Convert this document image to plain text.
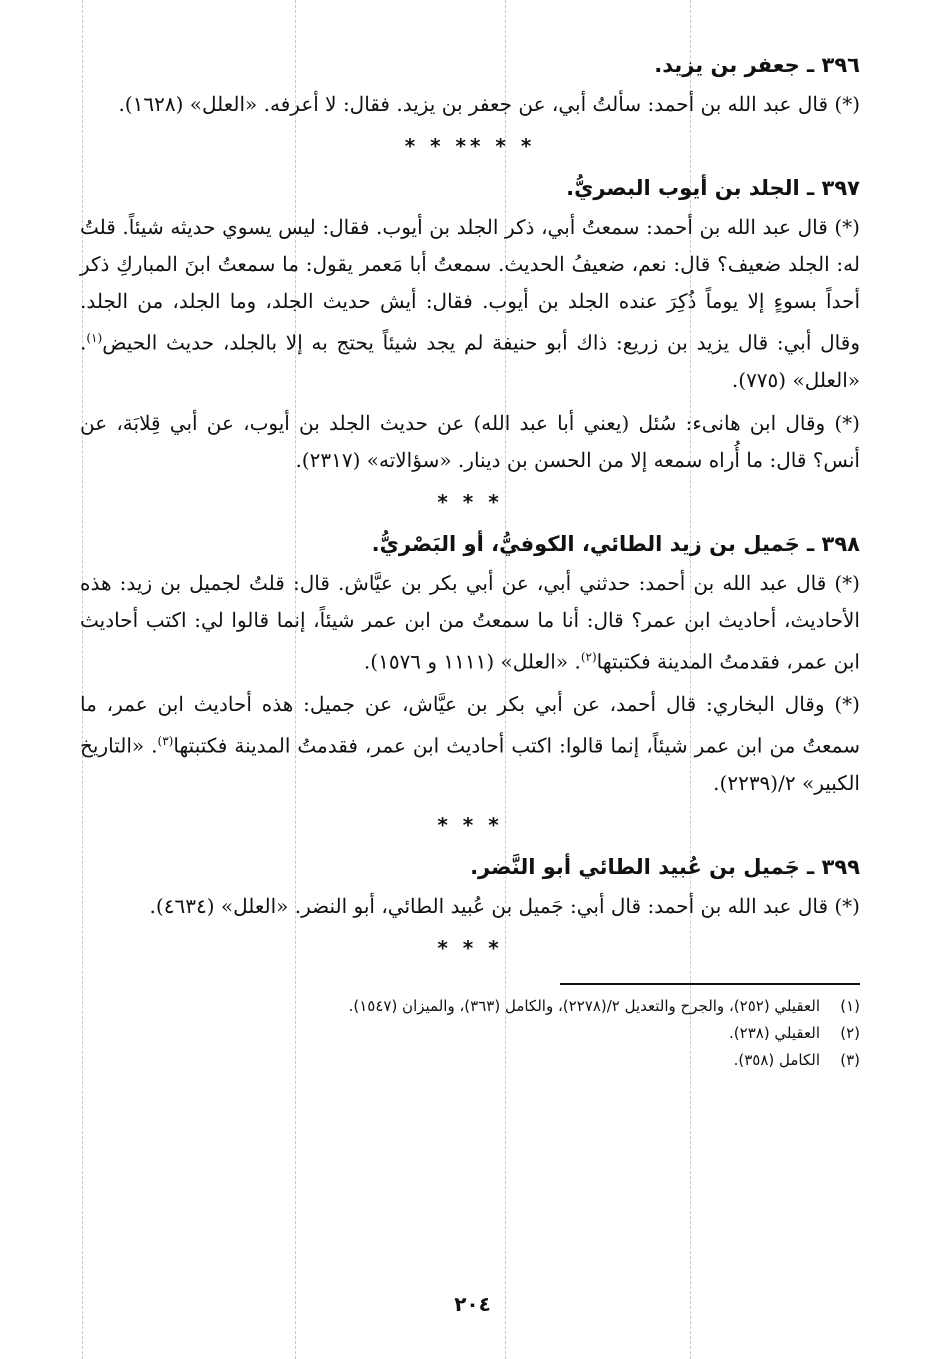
٣٩٦ ـ جعفر بن يزيد.

(*) قال عبد الله بن أحمد: سألتُ أبي، عن جعفر بن يزيد. فقال: لا أعرفه. «العلل» (١٦٢٨).

* * ** * *
٣٩٧ ـ الجلد بن أيوب البصريُّ.

(*) قال عبد الله بن أحمد: سمعتُ أبي، ذكر الجلد بن أيوب. فقال: ليس يسوي حديثه شيئاً. قلتُ له: الجلد ضعيف؟ قال: نعم، ضعيفُ الحديث. سمعتُ أبا مَعمر يقول: ما سمعتُ ابنَ المباركِ ذكر أحداً بسوءٍ إلا يوماً ذُكِرَ عنده الجلد بن أيوب. فقال: أيش حديث الجلد، وما الجلد، من الجلد. وقال أبي: قال يزيد بن زريع: ذاك أبو حنيفة لم يجد شيئاً يحتج به إلا بالجلد، حديث الحيض$^{(١)}$. «العلل» (٧٧٥).

(*) وقال ابن هانىء: سُئل (يعني أبا عبد الله) عن حديث الجلد بن أيوب، عن أبي قِلابَة، عن أنس؟ قال: ما أُراه سمعه إلا من الحسن بن دينار. «سؤالاته» (٢٣١٧).

* * *
٣٩٨ ـ جَميل بن زيد الطائي، الكوفيُّ، أو البَصْريُّ.

(*) قال عبد الله بن أحمد: حدثني أبي، عن أبي بكر بن عيَّاش. قال: قلتُ لجميل بن زيد: هذه الأحاديث، أحاديث ابن عمر؟ قال: أنا ما سمعتُ من ابن عمر شيئاً، إنما قالوا لي: اكتب أحاديث ابن عمر، فقدمتُ المدينة فكتبتها$^{(٢)}$. «العلل» (١١١١ و ١٥٧٦).

(*) وقال البخاري: قال أحمد، عن أبي بكر بن عيَّاش، عن جميل: هذه أحاديث ابن عمر، ما سمعتُ من ابن عمر شيئاً، إنما قالوا: اكتب أحاديث ابن عمر، فقدمتُ المدينة فكتبتها$^{(٣)}$. «التاريخ الكبير» ٢/(٢٢٣٩).

* * *
٣٩٩ ـ جَميل بن عُبيد الطائي أبو النَّضر.

(*) قال عبد الله بن أحمد: قال أبي: جَميل بن عُبيد الطائي، أبو النضر. «العلل» (٤٦٣٤).

* * *

(١)العقيلي (٢٥٢)، والجرح والتعديل ٢/(٢٢٧٨)، والكامل (٣٦٣)، والميزان (١٥٤٧).

(٢)العقيلي (٢٣٨).

(٣)الكامل (٣٥٨).

٢٠٤
